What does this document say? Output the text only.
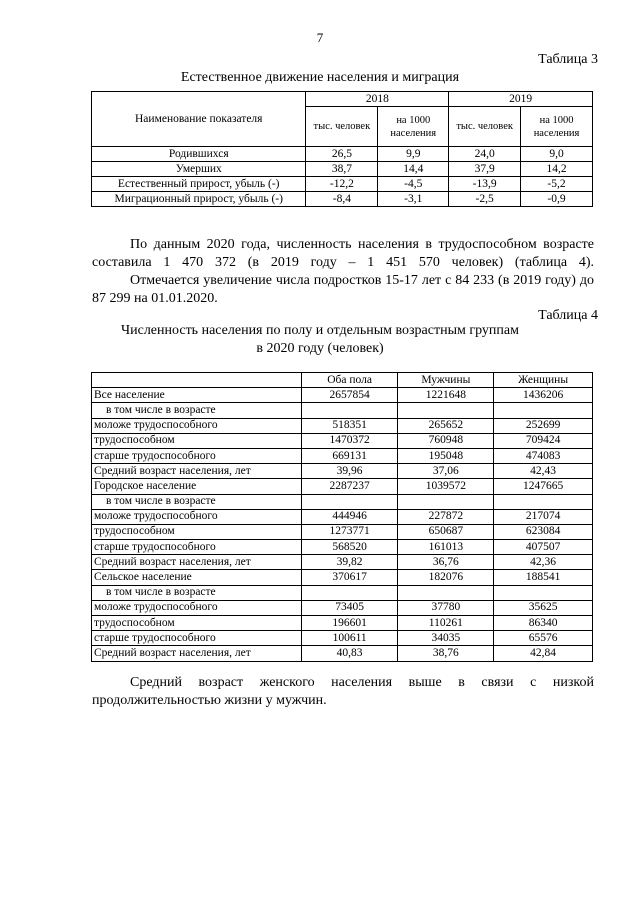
7
Таблица 3
Естественное движение населения и миграция
Наименование показателя	2018		2019	
	тыс. человек	на 1000 населения	тыс. человек	на 1000 населения
Родившихся	26,5	9,9	24,0	9,0
Умерших	38,7	14,4	37,9	14,2
Естественный прирост, убыль (-)	-12,2	-4,5	-13,9	-5,2
Миграционный прирост, убыль (-)	-8,4	-3,1	-2,5	-0,9

По данным 2020 года, численность населения в трудоспособном возрасте составила 1 470 372 (в 2019 году – 1 451 570 человек) (таблица 4).

Отмечается увеличение числа подростков 15-17 лет с 84 233 (в 2019 году) до 87 299 на 01.01.2020.

Таблица 4
Численность населения по полу и отдельным возрастным группам
в 2020 году (человек)
	Оба пола	Мужчины	Женщины
Все население	2657854	1221648	1436206
в том числе в возрасте			
моложе трудоспособного	518351	265652	252699
трудоспособном	1470372	760948	709424
старше трудоспособного	669131	195048	474083
Средний возраст населения, лет	39,96	37,06	42,43
Городское население	2287237	1039572	1247665
в том числе в возрасте			
моложе трудоспособного	444946	227872	217074
трудоспособном	1273771	650687	623084
старше трудоспособного	568520	161013	407507
Средний возраст населения, лет	39,82	36,76	42,36
Сельское население	370617	182076	188541
в том числе в возрасте			
моложе трудоспособного	73405	37780	35625
трудоспособном	196601	110261	86340
старше трудоспособного	100611	34035	65576
Средний возраст населения, лет	40,83	38,76	42,84

Средний возраст женского населения выше в связи с низкой продолжительностью жизни у мужчин.
